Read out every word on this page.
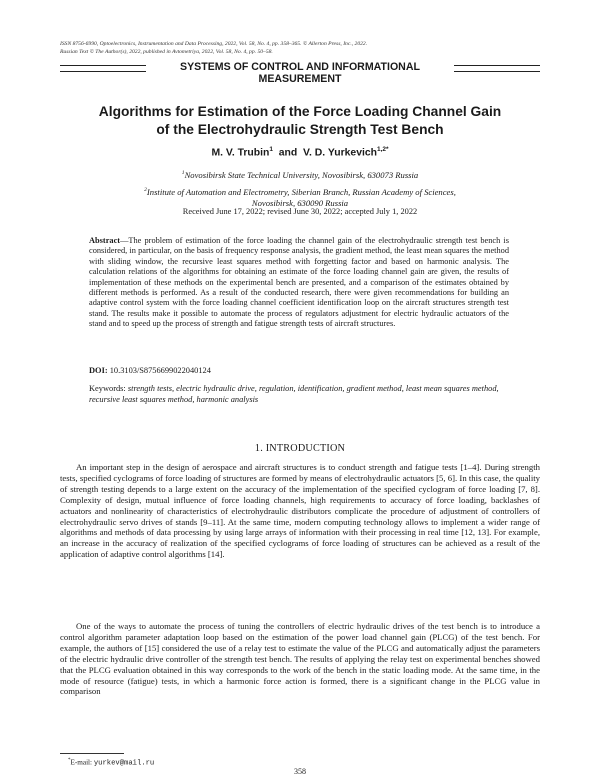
ISSN 8756-6990, Optoelectronics, Instrumentation and Data Processing, 2022, Vol. 58, No. 4, pp. 358–365. © Allerton Press, Inc., 2022.
Russian Text © The Author(s), 2022, published in Avtometriya, 2022, Vol. 58, No. 4, pp. 50–58.
SYSTEMS OF CONTROL AND INFORMATIONAL
MEASUREMENT
Algorithms for Estimation of the Force Loading Channel Gain
of the Electrohydraulic Strength Test Bench
M. V. Trubin$^1$ and V. D. Yurkevich$^{1,2*}$
$^1$Novosibirsk State Technical University, Novosibirsk, 630073 Russia
$^2$Institute of Automation and Electrometry, Siberian Branch, Russian Academy of Sciences,
Novosibirsk, 630090 Russia
Received June 17, 2022; revised June 30, 2022; accepted July 1, 2022
Abstract—The problem of estimation of the force loading the channel gain of the electrohydraulic strength test bench is considered, in particular, on the basis of frequency response analysis, the gradient method, the least mean squares the method with sliding window, the recursive least squares method with forgetting factor and based on harmonic analysis. The calculation relations of the algorithms for obtaining an estimate of the force loading channel gain are given, the results of implementation of these methods on the experimental bench are presented, and a comparison of the estimates obtained by different methods is performed. As a result of the conducted research, there were given recommendations for building an adaptive control system with the force loading channel coefficient identification loop on the aircraft structures strength test stand. The results make it possible to automate the process of regulators adjustment for electric hydraulic actuators of the stand and to speed up the process of strength and fatigue strength tests of aircraft structures.
DOI: 10.3103/S8756699022040124
Keywords: strength tests, electric hydraulic drive, regulation, identification, gradient method, least mean squares method, recursive least squares method, harmonic analysis
1. INTRODUCTION

An important step in the design of aerospace and aircraft structures is to conduct strength and fatigue tests [1–4]. During strength tests, specified cyclograms of force loading of structures are formed by means of electrohydraulic actuators [5, 6]. In this case, the quality of strength testing depends to a large extent on the accuracy of the implementation of the specified cyclogram of force loading [7, 8]. Complexity of design, mutual influence of force loading channels, high requirements to accuracy of force loading, backlashes of actuators and nonlinearity of characteristics of electrohydraulic distributors complicate the procedure of adjustment of controllers of electrohydraulic servo drives of stands [9–11]. At the same time, modern computing technology allows to implement a wider range of algorithms and methods of data processing by using large arrays of information with their processing in real time [12, 13]. For example, an increase in the accuracy of realization of the specified cyclograms of force loading of structures can be achieved as a result of the application of adaptive control algorithms [14].

One of the ways to automate the process of tuning the controllers of electric hydraulic drives of the test bench is to introduce a control algorithm parameter adaptation loop based on the estimation of the power load channel gain (PLCG) of the test bench. For example, the authors of [15] considered the use of a relay test to estimate the value of the PLCG and automatically adjust the parameters of the electric hydraulic drive controller of the strength test bench. The results of applying the relay test on experimental benches showed that the PLCG evaluation obtained in this way corresponds to the work of the bench in the static loading mode. At the same time, in the mode of resource (fatigue) tests, in which a harmonic force action is formed, there is a significant change in the PLCG value in comparison

*E-mail: yurkev@mail.ru
358
